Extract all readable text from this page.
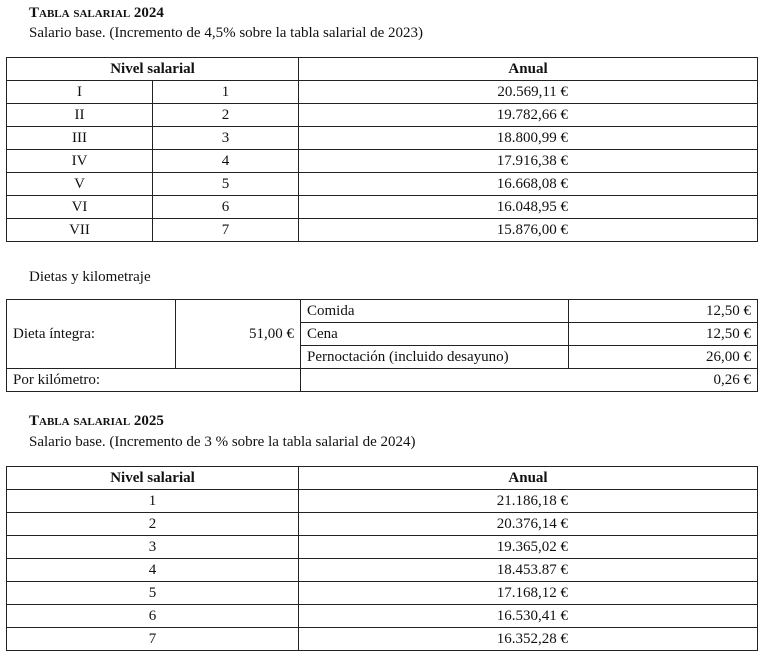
Tabla salarial 2024
Salario base. (Incremento de 4,5% sobre la tabla salarial de 2023)
Nivel salarial		Anual
I	1	20.569,11 €
II	2	19.782,66 €
III	3	18.800,99 €
IV	4	17.916,38 €
V	5	16.668,08 €
VI	6	16.048,95 €
VII	7	15.876,00 €
Dietas y kilometraje
Dieta íntegra:	51,00 €	Comida	12,50 €
		Cena	12,50 €
		Pernoctación (incluido desayuno)	26,00 €
Por kilómetro:		0,26 €	
Tabla salarial 2025
Salario base. (Incremento de 3 % sobre la tabla salarial de 2024)
Nivel salarial	Anual
1	21.186,18 €
2	20.376,14 €
3	19.365,02 €
4	18.453.87 €
5	17.168,12 €
6	16.530,41 €
7	16.352,28 €
